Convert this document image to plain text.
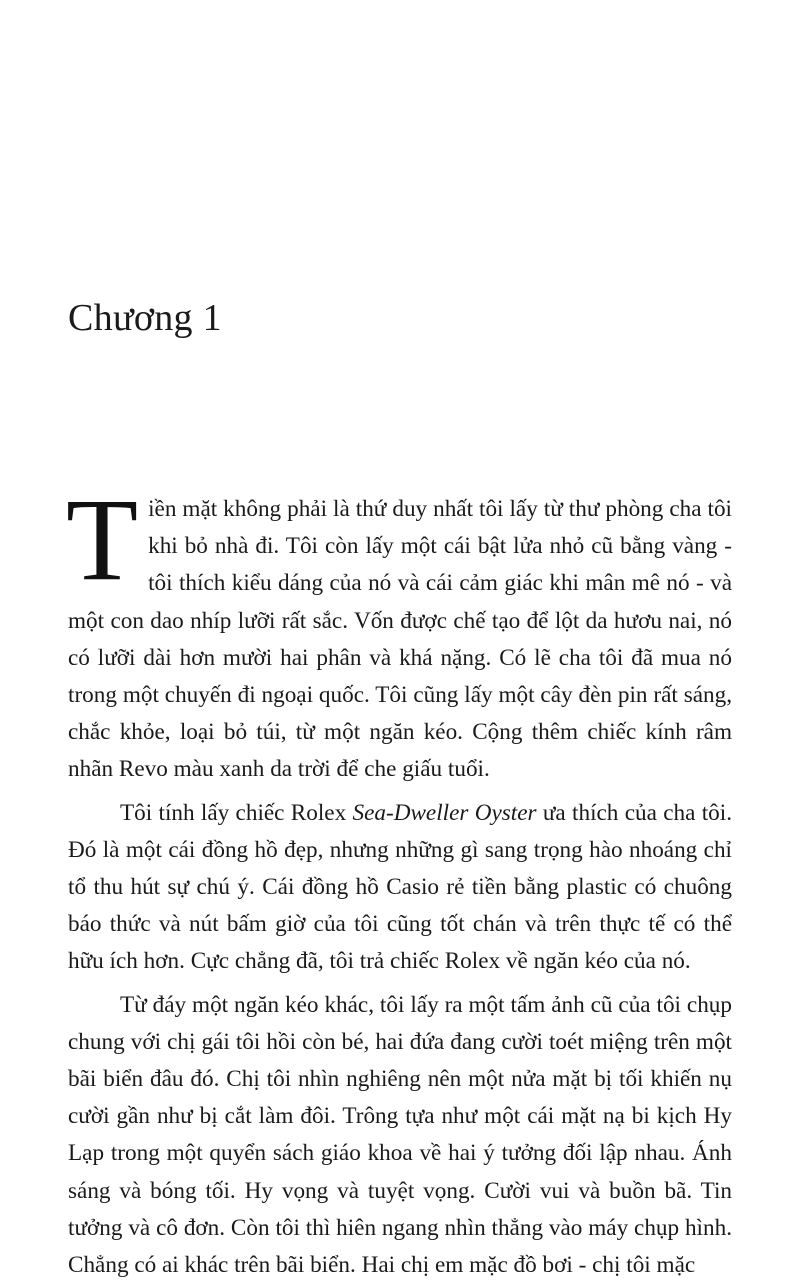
Chương 1

Tiền mặt không phải là thứ duy nhất tôi lấy từ thư phòng cha tôi khi bỏ nhà đi. Tôi còn lấy một cái bật lửa nhỏ cũ bằng vàng - tôi thích kiểu dáng của nó và cái cảm giác khi mân mê nó - và một con dao nhíp lưỡi rất sắc. Vốn được chế tạo để lột da hươu nai, nó có lưỡi dài hơn mười hai phân và khá nặng. Có lẽ cha tôi đã mua nó trong một chuyến đi ngoại quốc. Tôi cũng lấy một cây đèn pin rất sáng, chắc khỏe, loại bỏ túi, từ một ngăn kéo. Cộng thêm chiếc kính râm nhãn Revo màu xanh da trời để che giấu tuổi.

Tôi tính lấy chiếc Rolex Sea-Dweller Oyster ưa thích của cha tôi. Đó là một cái đồng hồ đẹp, nhưng những gì sang trọng hào nhoáng chỉ tổ thu hút sự chú ý. Cái đồng hồ Casio rẻ tiền bằng plastic có chuông báo thức và nút bấm giờ của tôi cũng tốt chán và trên thực tế có thể hữu ích hơn. Cực chẳng đã, tôi trả chiếc Rolex về ngăn kéo của nó.

Từ đáy một ngăn kéo khác, tôi lấy ra một tấm ảnh cũ của tôi chụp chung với chị gái tôi hồi còn bé, hai đứa đang cười toét miệng trên một bãi biển đâu đó. Chị tôi nhìn nghiêng nên một nửa mặt bị tối khiến nụ cười gần như bị cắt làm đôi. Trông tựa như một cái mặt nạ bi kịch Hy Lạp trong một quyển sách giáo khoa về hai ý tưởng đối lập nhau. Ánh sáng và bóng tối. Hy vọng và tuyệt vọng. Cười vui và buồn bã. Tin tưởng và cô đơn. Còn tôi thì hiên ngang nhìn thẳng vào máy chụp hình. Chẳng có ai khác trên bãi biển. Hai chị em mặc đồ bơi - chị tôi mặc
